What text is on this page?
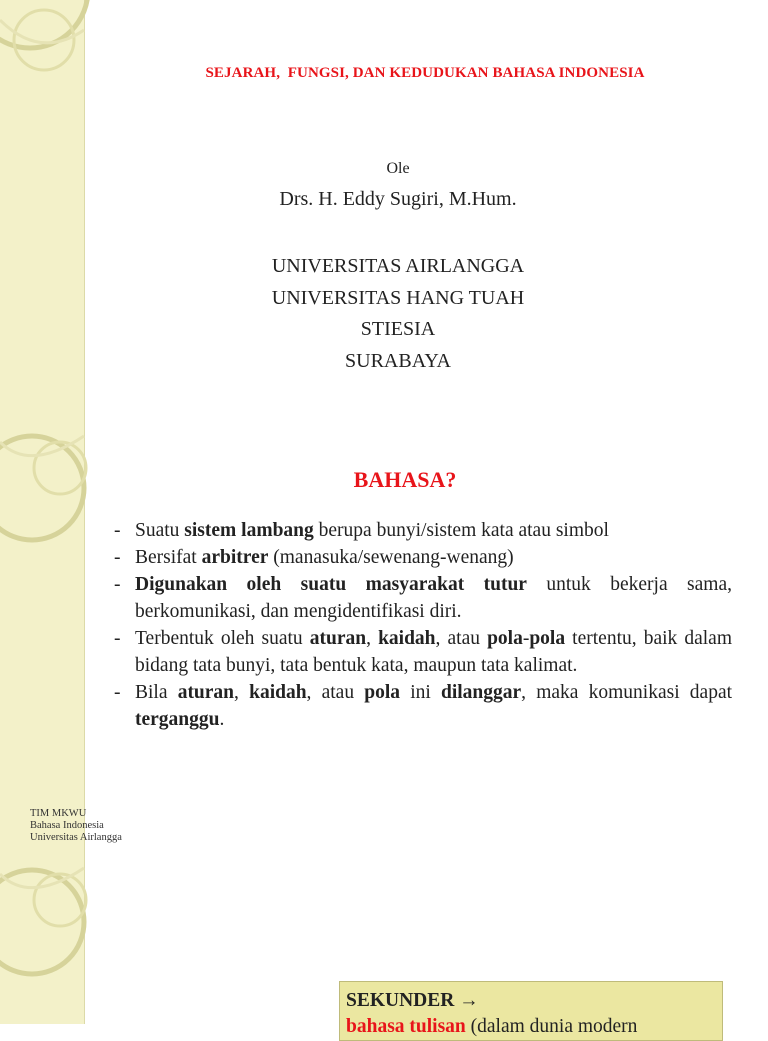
SEJARAH,  FUNGSI, DAN KEDUDUKAN BAHASA INDONESIA
Ole
Drs. H. Eddy Sugiri, M.Hum.
UNIVERSITAS AIRLANGGA
UNIVERSITAS HANG TUAH
STIESIA
SURABAYA
BAHASA?
- Suatu sistem lambang berupa bunyi/sistem kata atau simbol
- Bersifat arbitrer (manasuka/sewenang-wenang)
- Digunakan oleh suatu masyarakat tutur untuk bekerja sama, berkomunikasi, dan mengidentifikasi diri.
- Terbentuk oleh suatu aturan, kaidah, atau pola-pola tertentu, baik dalam bidang tata bunyi, tata bentuk kata, maupun tata kalimat.
- Bila aturan, kaidah, atau pola ini dilanggar, maka komunikasi dapat terganggu.
TIM MKWU
Bahasa Indonesia
Universitas Airlangga
SEKUNDER →
bahasa tulisan (dalam dunia modern
